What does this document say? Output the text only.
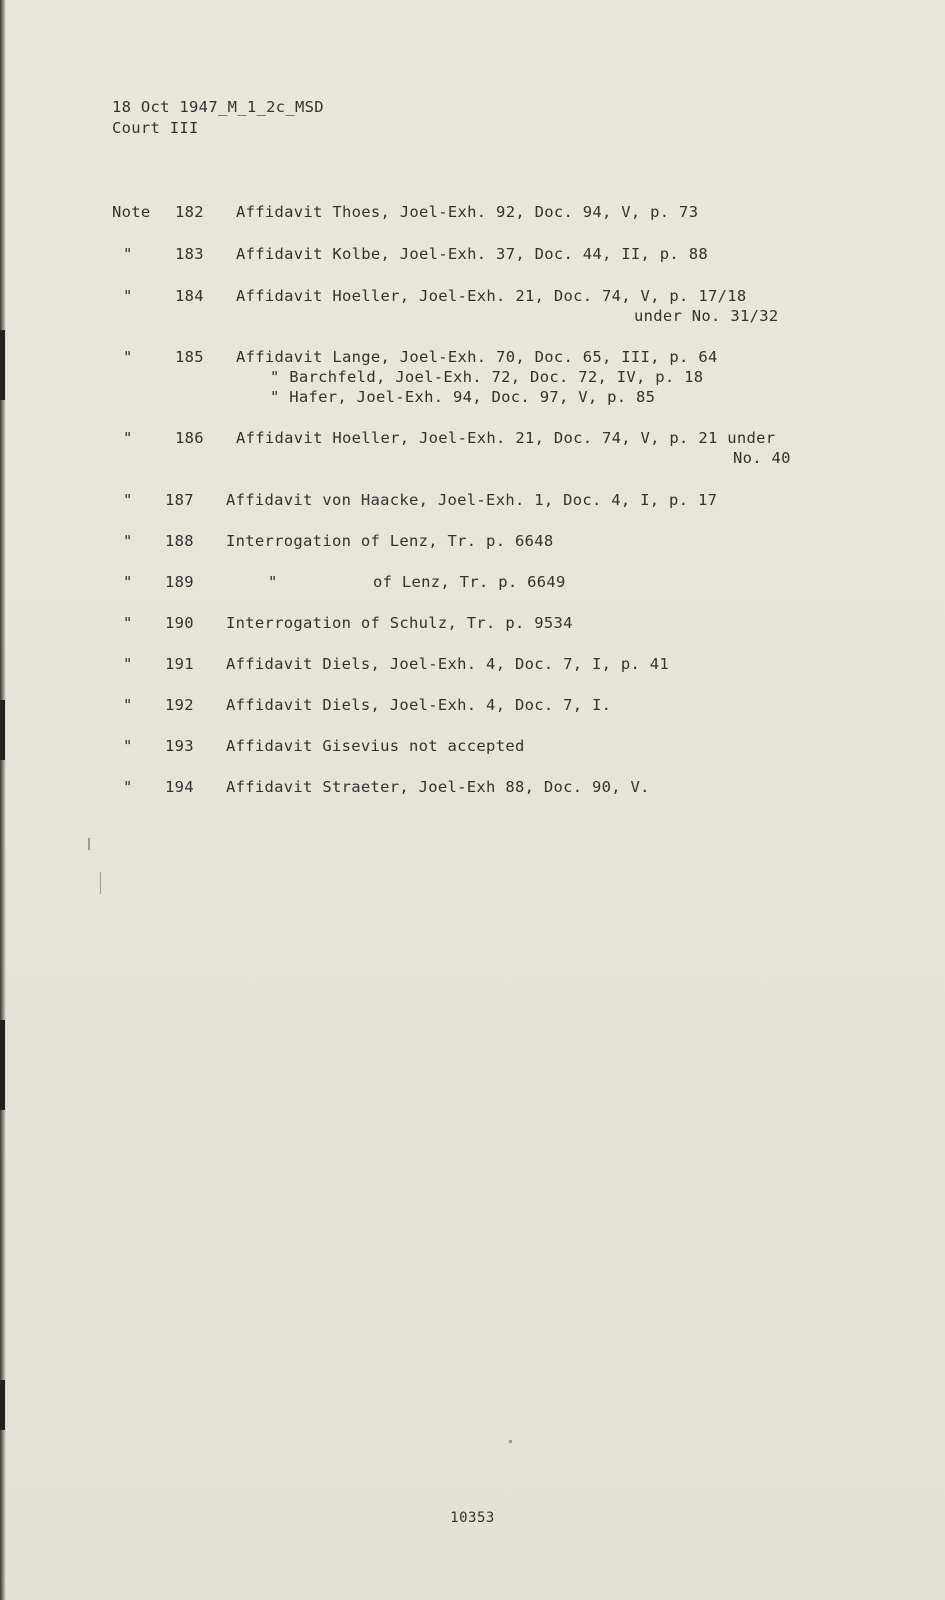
18 Oct 1947_M_1_2c_MSD
Court III
Note 182 Affidavit Thoes, Joel-Exh. 92, Doc. 94, V, p. 73
"	183 Affidavit Kolbe, Joel-Exh. 37, Doc. 44, II, p. 88
"	184 Affidavit Hoeller, Joel-Exh. 21, Doc. 74, V, p. 17/18
under No. 31/32
"	185 Affidavit Lange, Joel-Exh. 70, Doc. 65, III, p. 64
" Barchfeld, Joel-Exh. 72, Doc. 72, IV, p. 18
" Hafer, Joel-Exh. 94, Doc. 97, V, p. 85
"	186 Affidavit Hoeller, Joel-Exh. 21, Doc. 74, V, p. 21 under
No. 40
" 187 Affidavit von Haacke, Joel-Exh. 1, Doc. 4, I, p. 17
" 188 Interrogation of Lenz, Tr. p. 6648
" 189	"	of Lenz, Tr. p. 6649
" 190 Interrogation of Schulz, Tr. p. 9534
" 191 Affidavit Diels, Joel-Exh. 4, Doc. 7, I, p. 41
" 192 Affidavit Diels, Joel-Exh. 4, Doc. 7, I.
" 193 Affidavit Gisevius not accepted
" 194 Affidavit Straeter, Joel-Exh 88, Doc. 90, V.
10353
